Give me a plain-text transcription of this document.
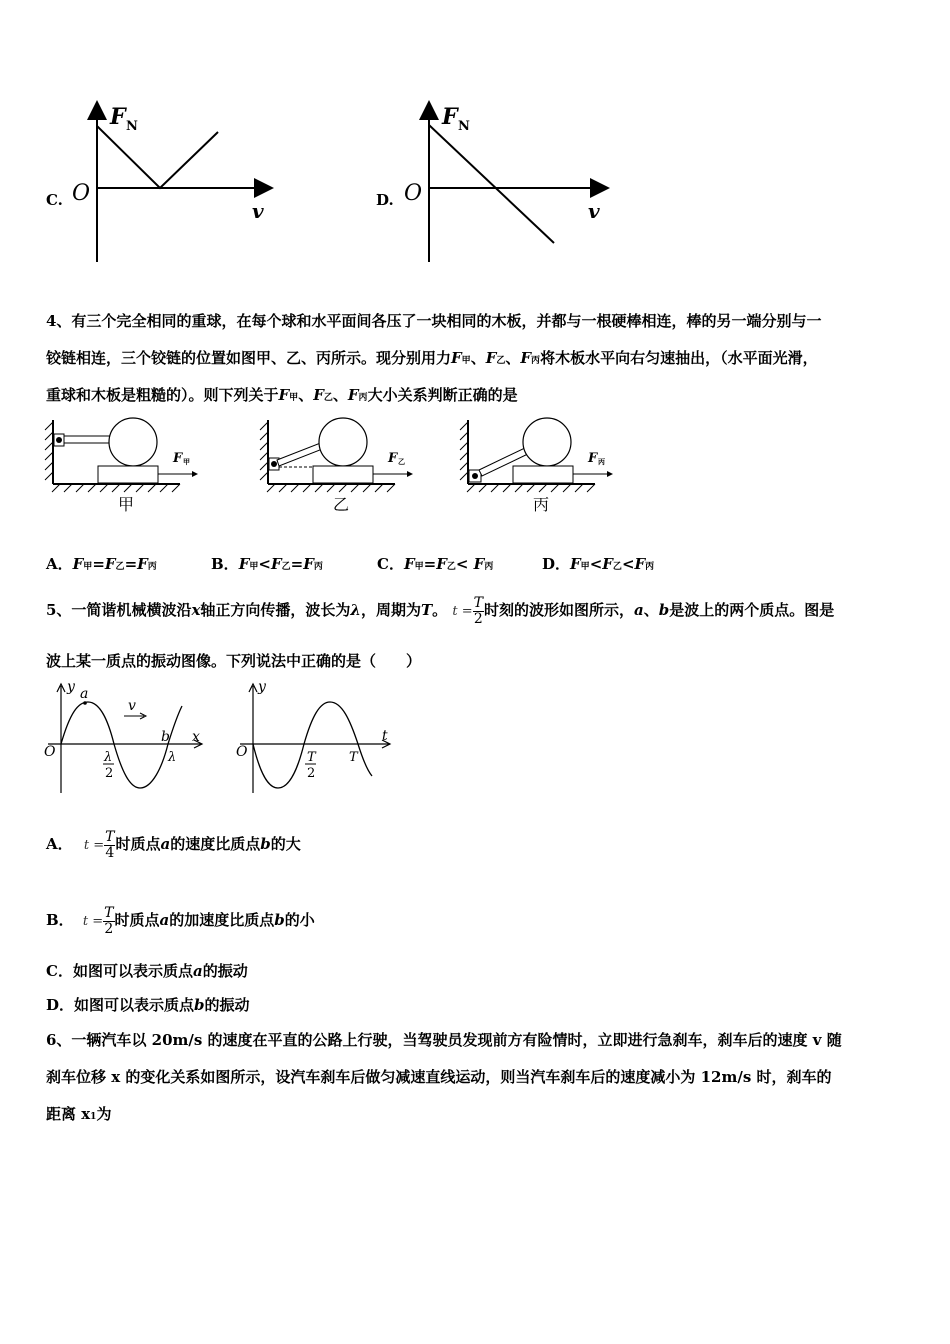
C.
F N
O
v	D.
F N
O
v
4、有三个完全相同的重球，在每个球和水平面间各压了一块相同的木板，并都与一根硬棒相连，棒的另一端分别与一
铰链相连，三个铰链的位置如图甲、乙、丙所示。现分别用力F甲、F乙、F丙将木板水平向右匀速抽出，（水平面光滑，
重球和木板是粗糙的）。则下列关于F甲、F乙、F丙大小关系判断正确的是
F 甲
甲
F 乙
乙
F 丙
丙
A．F甲=F乙=F丙	B．F甲<F乙=F丙	C．F甲=F乙< F丙	D．F甲<F乙<F丙
5、一简谐机械横波沿x轴正方向传播，波长为λ，周期为T。 $t = \frac{T}{2}$ 时刻的波形如图所示，a、b是波上的两个质点。图是
波上某一质点的振动图像。下列说法中正确的是（　　）
y a
v
b x
O	λ
2
λ
y
t
O	T
2
T
A． $t = \frac{T}{4}$ 时质点a的速度比质点b的大
B． $t = \frac{T}{2}$ 时质点a的加速度比质点b的小
C．如图可以表示质点a的振动
D．如图可以表示质点b的振动
6、一辆汽车以 20m/s 的速度在平直的公路上行驶，当驾驶员发现前方有险情时，立即进行急刹车，刹车后的速度 v 随
刹车位移 x 的变化关系如图所示，设汽车刹车后做匀减速直线运动，则当汽车刹车后的速度减小为 12m/s 时，刹车的
距离 x1为
